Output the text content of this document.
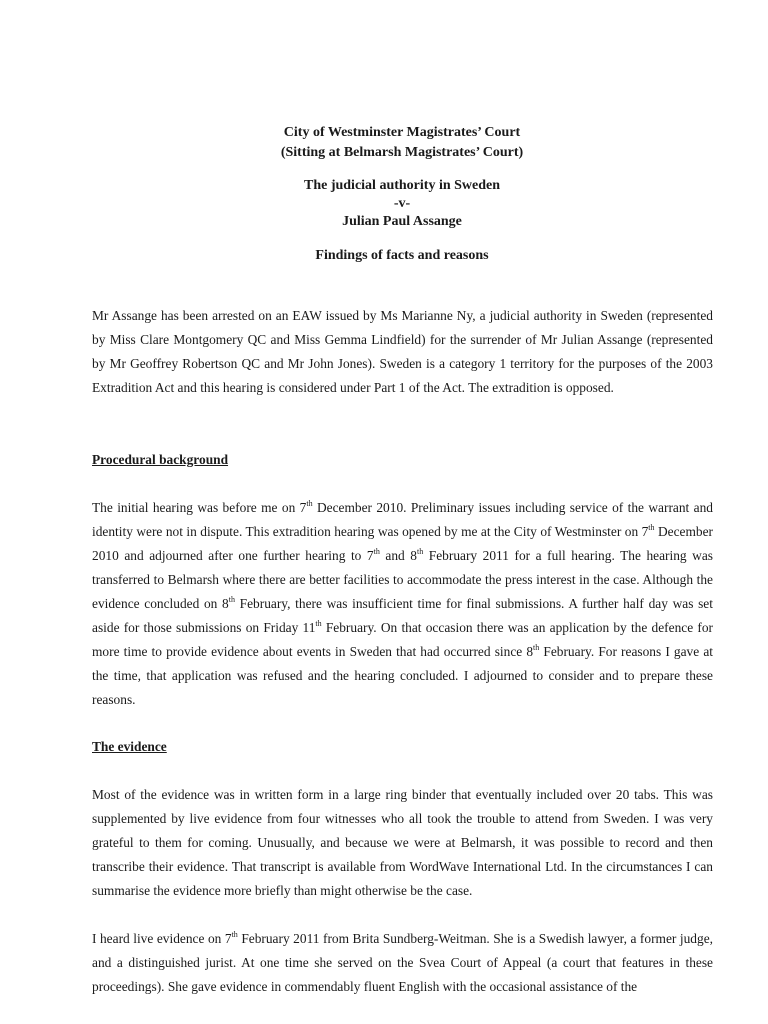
City of Westminster Magistrates’ Court
(Sitting at Belmarsh Magistrates’ Court)
The judicial authority in Sweden
-v-
Julian Paul Assange
Findings of facts and reasons

Mr Assange has been arrested on an EAW issued by Ms Marianne Ny, a judicial authority in Sweden (represented by Miss Clare Montgomery QC and Miss Gemma Lindfield) for the surrender of Mr Julian Assange (represented by Mr Geoffrey Robertson QC and Mr John Jones). Sweden is a category 1 territory for the purposes of the 2003 Extradition Act and this hearing is considered under Part 1 of the Act. The extradition is opposed.

Procedural background

The initial hearing was before me on 7th December 2010. Preliminary issues including service of the warrant and identity were not in dispute. This extradition hearing was opened by me at the City of Westminster on 7th December 2010 and adjourned after one further hearing to 7th and 8th February 2011 for a full hearing. The hearing was transferred to Belmarsh where there are better facilities to accommodate the press interest in the case. Although the evidence concluded on 8th February, there was insufficient time for final submissions. A further half day was set aside for those submissions on Friday 11th February. On that occasion there was an application by the defence for more time to provide evidence about events in Sweden that had occurred since 8th February. For reasons I gave at the time, that application was refused and the hearing concluded. I adjourned to consider and to prepare these reasons.

The evidence

Most of the evidence was in written form in a large ring binder that eventually included over 20 tabs. This was supplemented by live evidence from four witnesses who all took the trouble to attend from Sweden. I was very grateful to them for coming. Unusually, and because we were at Belmarsh, it was possible to record and then transcribe their evidence. That transcript is available from WordWave International Ltd. In the circumstances I can summarise the evidence more briefly than might otherwise be the case.

I heard live evidence on 7th February 2011 from Brita Sundberg-Weitman. She is a Swedish lawyer, a former judge, and a distinguished jurist. At one time she served on the Svea Court of Appeal (a court that features in these proceedings). She gave evidence in commendably fluent English with the occasional assistance of the
